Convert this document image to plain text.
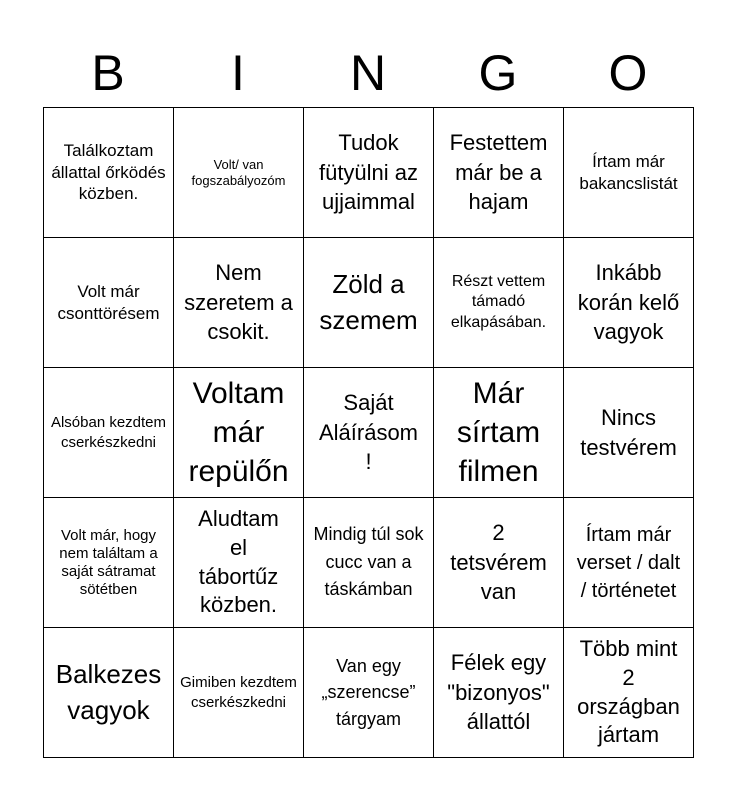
B	I	N	G	O
Találkoztam állattal őrködés közben.
Volt/ van fogszabályozóm
Tudok fütyülni az ujjaimmal
Festettem már be a hajam
Írtam már bakancslistát
Volt már csonttörésem
Nem szeretem a csokit.
Zöld a szemem
Részt vettem támadó elkapásában.
Inkább korán kelő vagyok
Alsóban kezdtem cserkészkedni
Voltam már repülőn
Saját Aláírásom !
Már sírtam filmen
Nincs testvérem
Volt már, hogy nem találtam a saját sátramat sötétben
Aludtam el tábortűz közben.
Mindig túl sok cucc van a táskámban
2 tetsvérem van
Írtam már verset / dalt / történetet
Balkezes vagyok
Gimiben kezdtem cserkészkedni
Van egy „szerencse” tárgyam
Félek egy "bizonyos" állattól
Több mint 2 országban jártam
